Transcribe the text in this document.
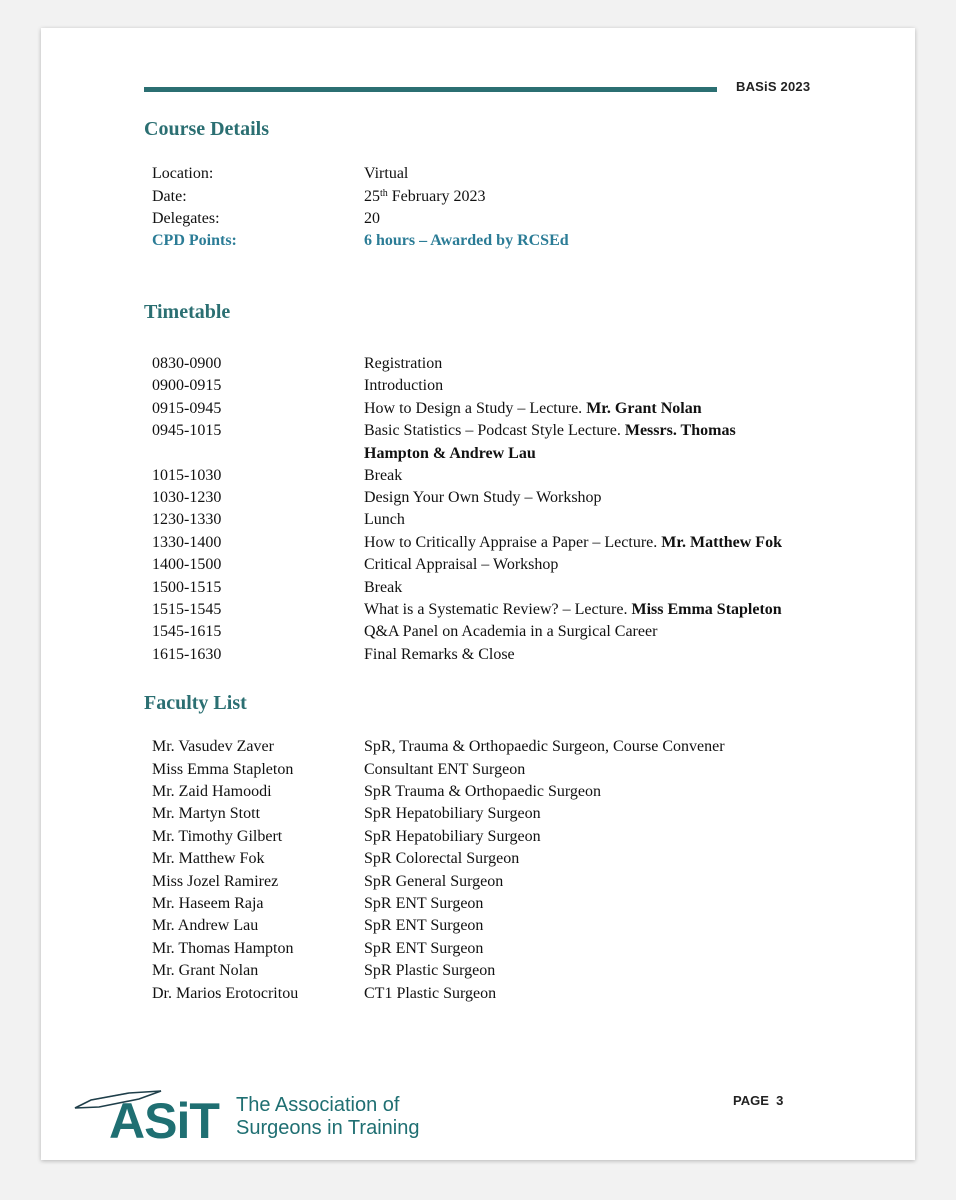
BASiS 2023
Course Details
Location:	Virtual
Date:	25th February 2023
Delegates:	20
CPD Points:	6 hours – Awarded by RCSEd
Timetable
0830-0900	Registration
0900-0915	Introduction
0915-0945	How to Design a Study – Lecture. Mr. Grant Nolan
0945-1015	Basic Statistics – Podcast Style Lecture. Messrs. Thomas
Hampton & Andrew Lau
1015-1030	Break
1030-1230	Design Your Own Study – Workshop
1230-1330	Lunch
1330-1400	How to Critically Appraise a Paper – Lecture. Mr. Matthew Fok
1400-1500	Critical Appraisal – Workshop
1500-1515	Break
1515-1545	What is a Systematic Review? – Lecture. Miss Emma Stapleton
1545-1615	Q&A Panel on Academia in a Surgical Career
1615-1630	Final Remarks & Close
Faculty List
Mr. Vasudev Zaver	SpR, Trauma & Orthopaedic Surgeon, Course Convener
Miss Emma Stapleton	Consultant ENT Surgeon
Mr. Zaid Hamoodi	SpR Trauma & Orthopaedic Surgeon
Mr. Martyn Stott	SpR Hepatobiliary Surgeon
Mr. Timothy Gilbert	SpR Hepatobiliary Surgeon
Mr. Matthew Fok	SpR Colorectal Surgeon
Miss Jozel Ramirez	SpR General Surgeon
Mr. Haseem Raja	SpR ENT Surgeon
Mr. Andrew Lau	SpR ENT Surgeon
Mr. Thomas Hampton	SpR ENT Surgeon
Mr. Grant Nolan	SpR Plastic Surgeon
Dr. Marios Erotocritou	CT1 Plastic Surgeon
ASiT The Association of
Surgeons in Training
PAGE  3
